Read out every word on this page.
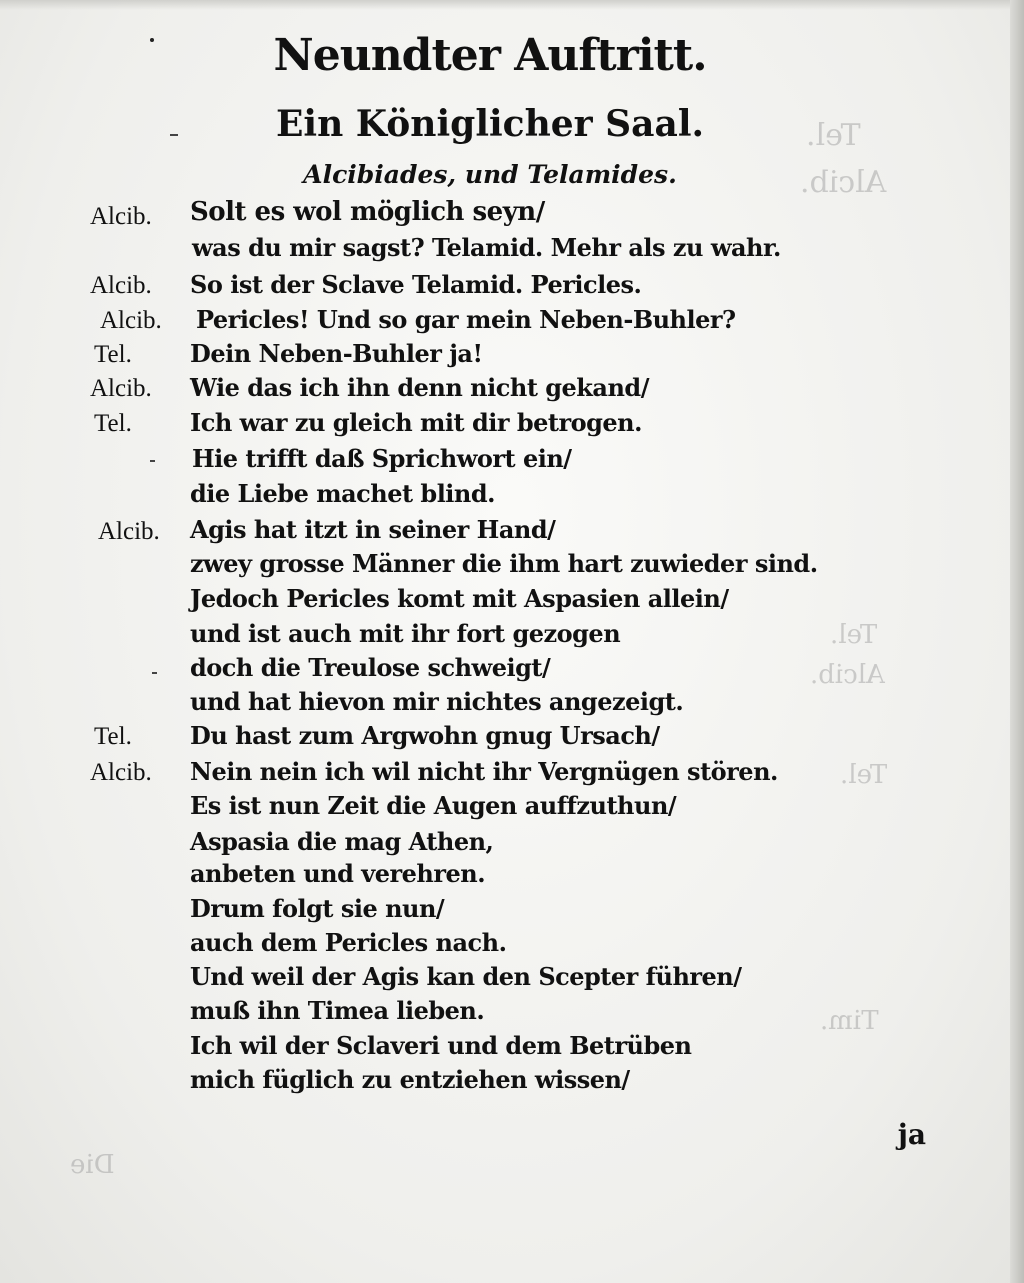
Tel.
Alcib.
Tel.
Alcib.
Tel.
Tim.
Die
Neundter Auftritt.
Ein Königlicher Saal.
Alcibiades, und Telamides.
Alcib. Solt es wol möglich seyn/
was du mir sagst? Telamid. Mehr als zu wahr.
Alcib. So ist der Sclave Telamid. Pericles.
Alcib. Pericles! Und so gar mein Neben-Buhler?
Tel. Dein Neben-Buhler ja!
Alcib. Wie das ich ihn denn nicht gekand/
Tel. Ich war zu gleich mit dir betrogen.
Hie trifft daß Sprichwort ein/
die Liebe machet blind.
Alcib. Agis hat itzt in seiner Hand/
zwey grosse Männer die ihm hart zuwieder sind.
Jedoch Pericles komt mit Aspasien allein/
und ist auch mit ihr fort gezogen
doch die Treulose schweigt/
und hat hievon mir nichtes angezeigt.
Tel. Du hast zum Argwohn gnug Ursach/
Alcib. Nein nein ich wil nicht ihr Vergnügen stören.
Es ist nun Zeit die Augen auffzuthun/
Aspasia die mag Athen,
anbeten und verehren.
Drum folgt sie nun/
auch dem Pericles nach.
Und weil der Agis kan den Scepter führen/
muß ihn Timea lieben.
Ich wil der Sclaveri und dem Betrüben
mich füglich zu entziehen wissen/
ja
